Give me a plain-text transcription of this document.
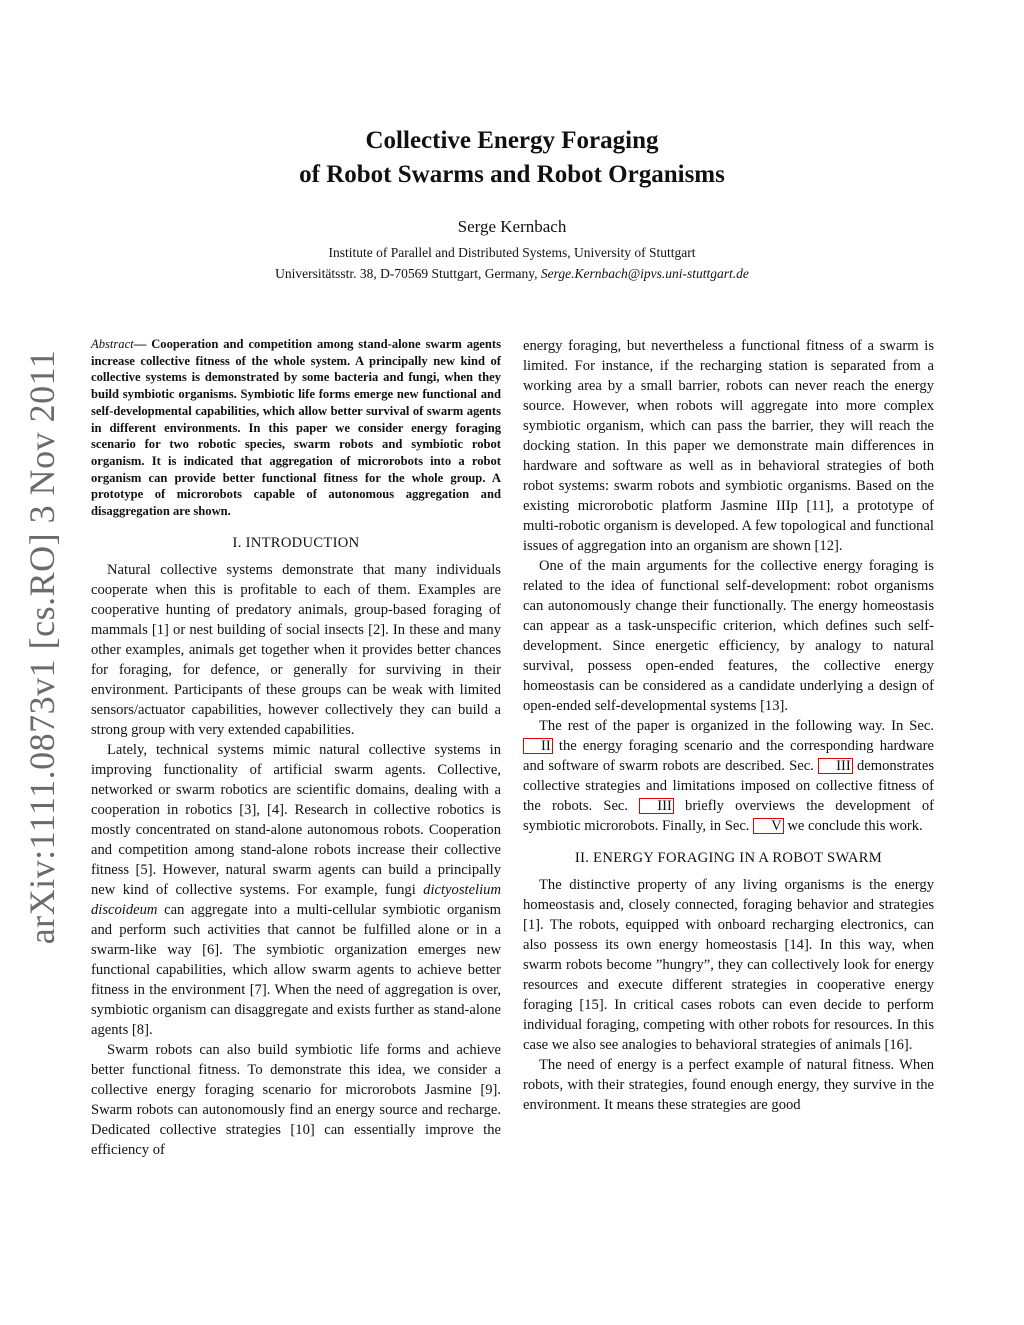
arXiv:1111.0873v1 [cs.RO] 3 Nov 2011
Collective Energy Foraging
of Robot Swarms and Robot Organisms

Serge Kernbach

Institute of Parallel and Distributed Systems, University of Stuttgart

Universitätsstr. 38, D-70569 Stuttgart, Germany, Serge.Kernbach@ipvs.uni-stuttgart.de

Abstract— Cooperation and competition among stand-alone swarm agents increase collective fitness of the whole system. A principally new kind of collective systems is demonstrated by some bacteria and fungi, when they build symbiotic organisms. Symbiotic life forms emerge new functional and self-developmental capabilities, which allow better survival of swarm agents in different environments. In this paper we consider energy foraging scenario for two robotic species, swarm robots and symbiotic robot organism. It is indicated that aggregation of microrobots into a robot organism can provide better functional fitness for the whole group. A prototype of microrobots capable of autonomous aggregation and disaggregation are shown.

I. INTRODUCTION

Natural collective systems demonstrate that many individuals cooperate when this is profitable to each of them. Examples are cooperative hunting of predatory animals, group-based foraging of mammals [1] or nest building of social insects [2]. In these and many other examples, animals get together when it provides better chances for foraging, for defence, or generally for surviving in their environment. Participants of these groups can be weak with limited sensors/actuator capabilities, however collectively they can build a strong group with very extended capabilities.

Lately, technical systems mimic natural collective systems in improving functionality of artificial swarm agents. Collective, networked or swarm robotics are scientific domains, dealing with a cooperation in robotics [3], [4]. Research in collective robotics is mostly concentrated on stand-alone autonomous robots. Cooperation and competition among stand-alone robots increase their collective fitness [5]. However, natural swarm agents can build a principally new kind of collective systems. For example, fungi dictyostelium discoideum can aggregate into a multi-cellular symbiotic organism and perform such activities that cannot be fulfilled alone or in a swarm-like way [6]. The symbiotic organization emerges new functional capabilities, which allow swarm agents to achieve better fitness in the environment [7]. When the need of aggregation is over, symbiotic organism can disaggregate and exists further as stand-alone agents [8].

Swarm robots can also build symbiotic life forms and achieve better functional fitness. To demonstrate this idea, we consider a collective energy foraging scenario for microrobots Jasmine [9]. Swarm robots can autonomously find an energy source and recharge. Dedicated collective strategies [10] can essentially improve the efficiency of

energy foraging, but nevertheless a functional fitness of a swarm is limited. For instance, if the recharging station is separated from a working area by a small barrier, robots can never reach the energy source. However, when robots will aggregate into more complex symbiotic organism, which can pass the barrier, they will reach the docking station. In this paper we demonstrate main differences in hardware and software as well as in behavioral strategies of both robot systems: swarm robots and symbiotic organisms. Based on the existing microrobotic platform Jasmine IIIp [11], a prototype of multi-robotic organism is developed. A few topological and functional issues of aggregation into an organism are shown [12].

One of the main arguments for the collective energy foraging is related to the idea of functional self-development: robot organisms can autonomously change their functionally. The energy homeostasis can appear as a task-unspecific criterion, which defines such self-development. Since energetic efficiency, by analogy to natural survival, possess open-ended features, the collective energy homeostasis can be considered as a candidate underlying a design of open-ended self-developmental systems [13].

The rest of the paper is organized in the following way. In Sec. II the energy foraging scenario and the corresponding hardware and software of swarm robots are described. Sec. III demonstrates collective strategies and limitations imposed on collective fitness of the robots. Sec. III briefly overviews the development of symbiotic microrobots. Finally, in Sec. V we conclude this work.

II. ENERGY FORAGING IN A ROBOT SWARM

The distinctive property of any living organisms is the energy homeostasis and, closely connected, foraging behavior and strategies [1]. The robots, equipped with onboard recharging electronics, can also possess its own energy homeostasis [14]. In this way, when swarm robots become ”hungry”, they can collectively look for energy resources and execute different strategies in cooperative energy foraging [15]. In critical cases robots can even decide to perform individual foraging, competing with other robots for resources. In this case we also see analogies to behavioral strategies of animals [16].

The need of energy is a perfect example of natural fitness. When robots, with their strategies, found enough energy, they survive in the environment. It means these strategies are good
